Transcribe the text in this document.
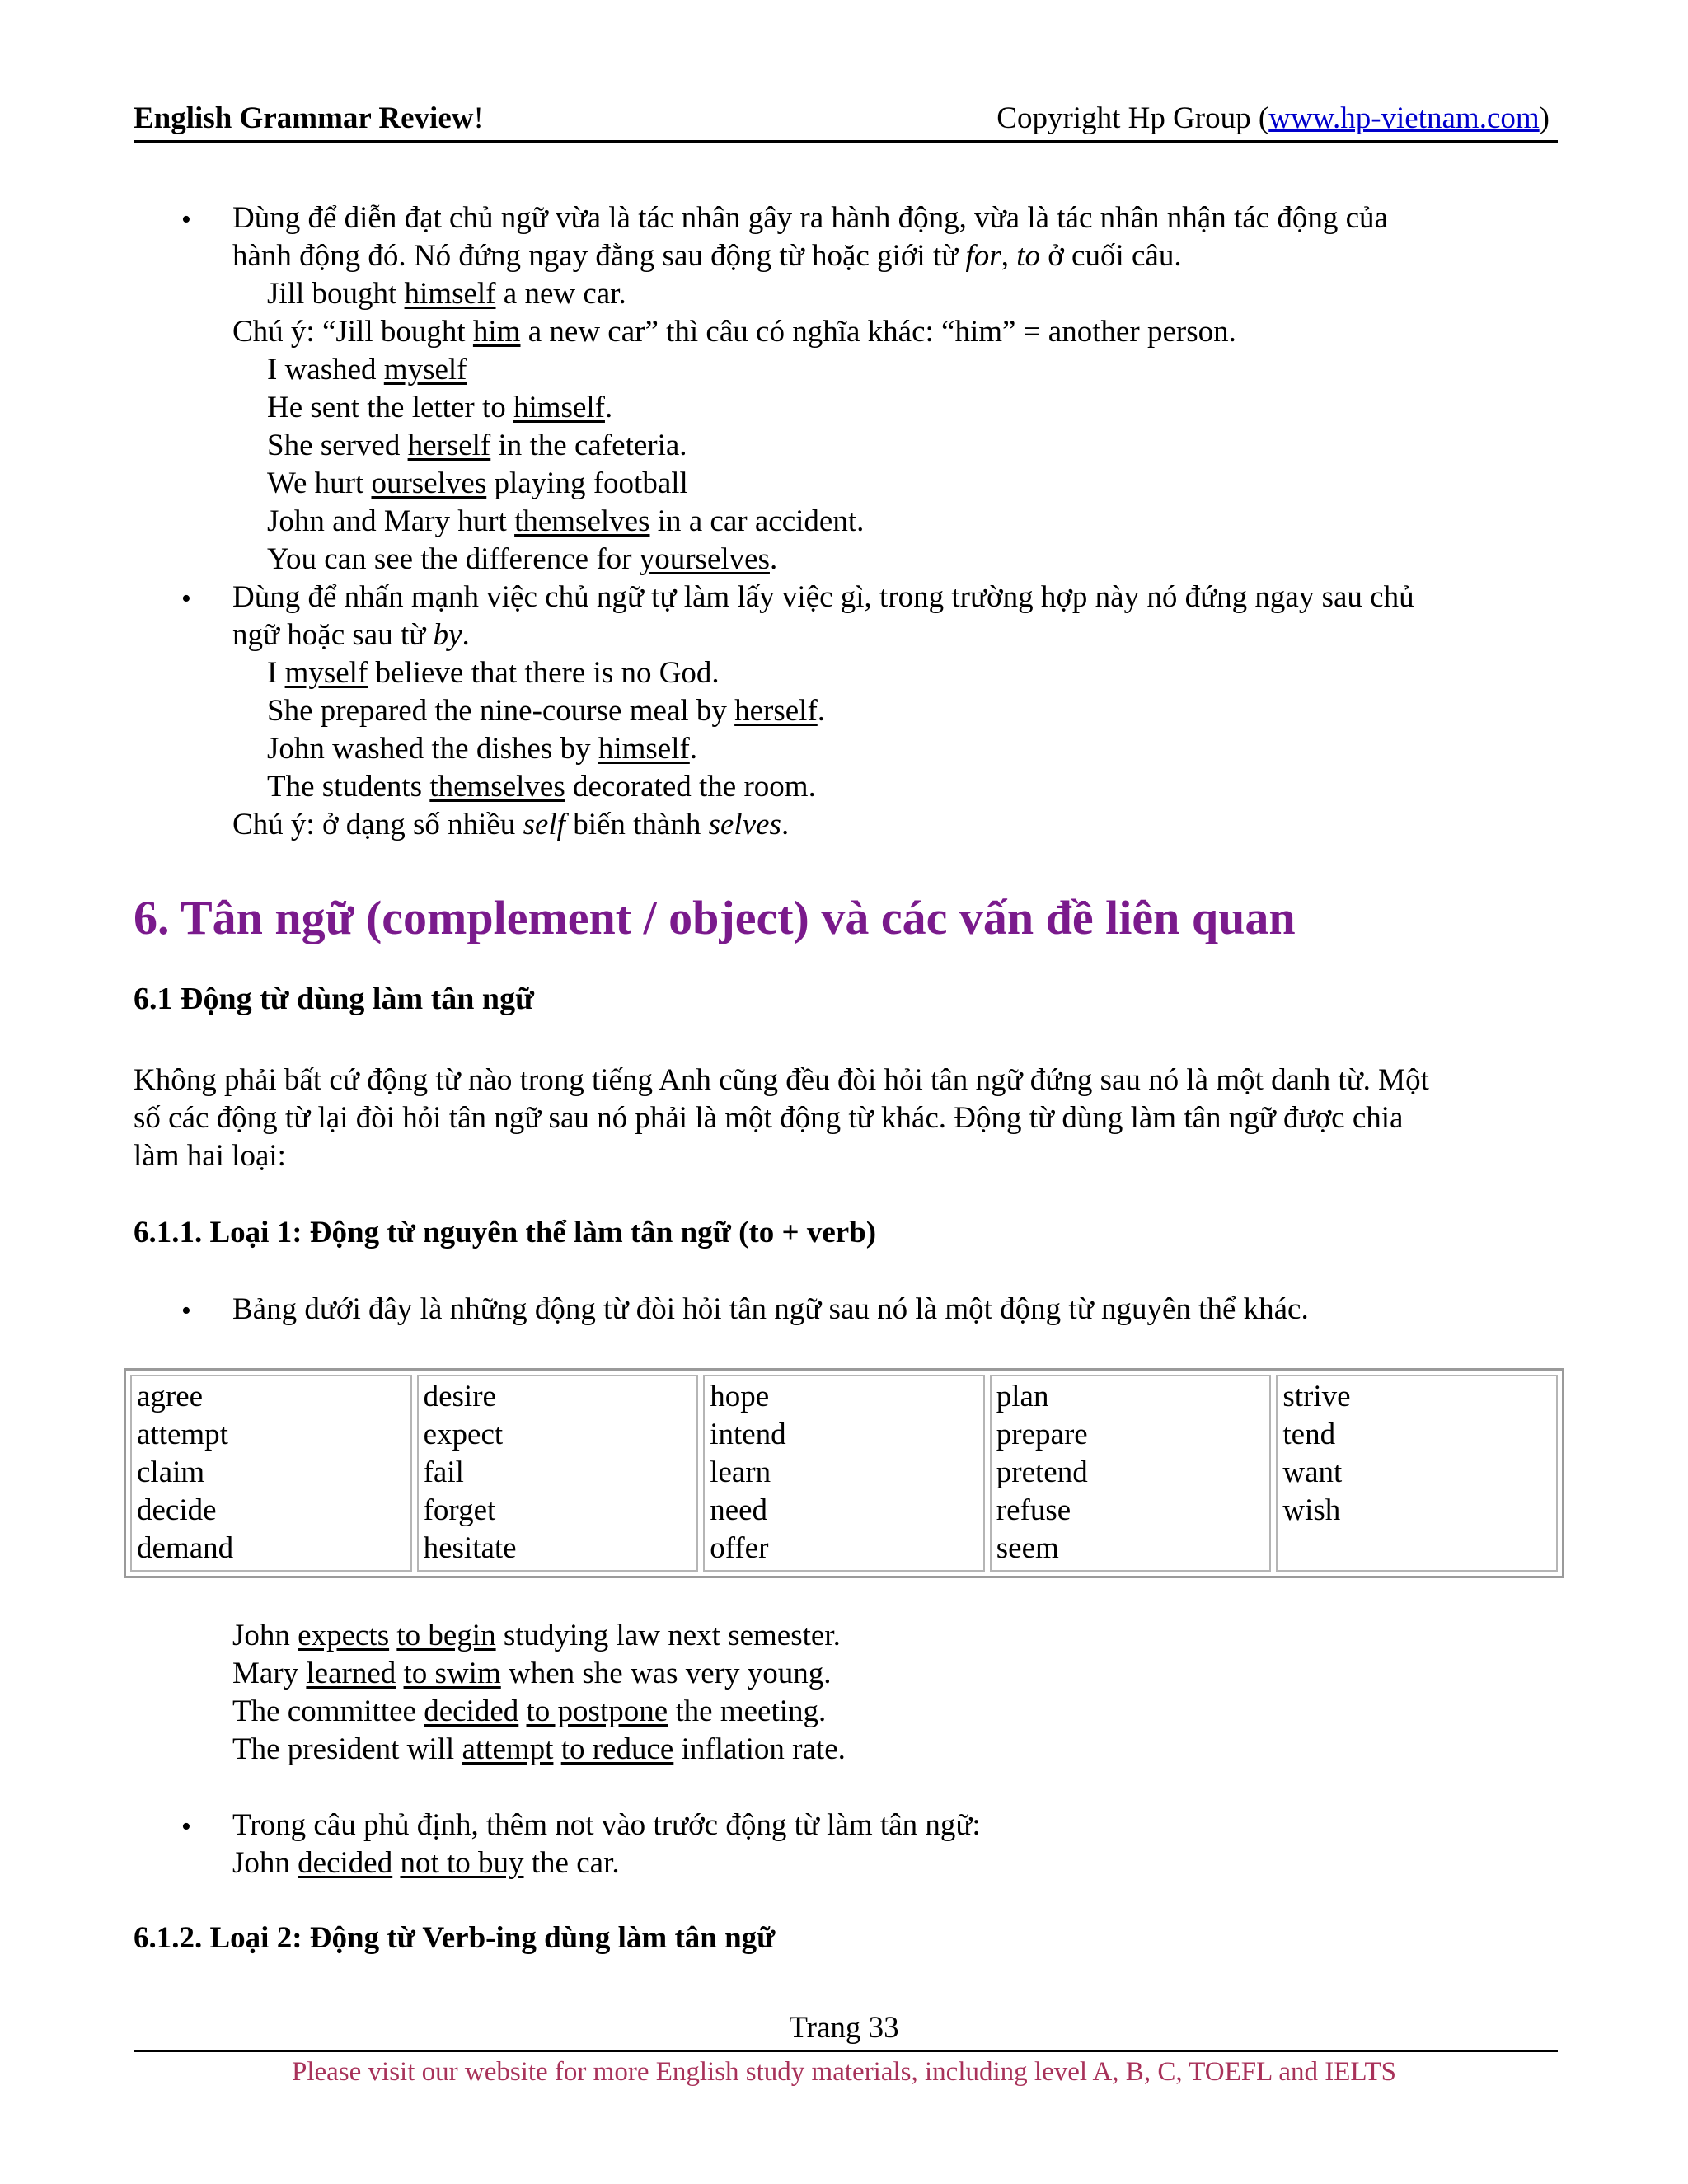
English Grammar Review!	Copyright Hp Group (www.hp-vietnam.com)
• Dùng để diễn đạt chủ ngữ vừa là tác nhân gây ra hành động, vừa là tác nhân nhận tác động của
hành động đó. Nó đứng ngay đằng sau động từ hoặc giới từ for, to ở cuối câu.
Jill bought himself a new car.
Chú ý: “Jill bought him a new car” thì câu có nghĩa khác: “him” = another person.
I washed myself
He sent the letter to himself.
She served herself in the cafeteria.
We hurt ourselves playing football
John and Mary hurt themselves in a car accident.
You can see the difference for yourselves.
• Dùng để nhấn mạnh việc chủ ngữ tự làm lấy việc gì, trong trường hợp này nó đứng ngay sau chủ
ngữ hoặc sau từ by.
I myself believe that there is no God.
She prepared the nine-course meal by herself.
John washed the dishes by himself.
The students themselves decorated the room.
Chú ý: ở dạng số nhiều self biến thành selves.
6. Tân ngữ (complement / object) và các vấn đề liên quan
6.1 Động từ dùng làm tân ngữ
Không phải bất cứ động từ nào trong tiếng Anh cũng đều đòi hỏi tân ngữ đứng sau nó là một danh từ. Một
số các động từ lại đòi hỏi tân ngữ sau nó phải là một động từ khác. Động từ dùng làm tân ngữ được chia
làm hai loại:
6.1.1. Loại 1: Động từ nguyên thể làm tân ngữ (to + verb)
• Bảng dưới đây là những động từ đòi hỏi tân ngữ sau nó là một động từ nguyên thể khác.
agree
attempt
claim
decide
demand
desire
expect
fail
forget
hesitate
hope
intend
learn
need
offer
plan
prepare
pretend
refuse
seem
strive
tend
want
wish
John expects to begin studying law next semester.
Mary learned to swim when she was very young.
The committee decided to postpone the meeting.
The president will attempt to reduce inflation rate.
• Trong câu phủ định, thêm not vào trước động từ làm tân ngữ:
John decided not to buy the car.
6.1.2. Loại 2: Động từ Verb-ing dùng làm tân ngữ
Trang 33
Please visit our website for more English study materials, including level A, B, C, TOEFL and IELTS
